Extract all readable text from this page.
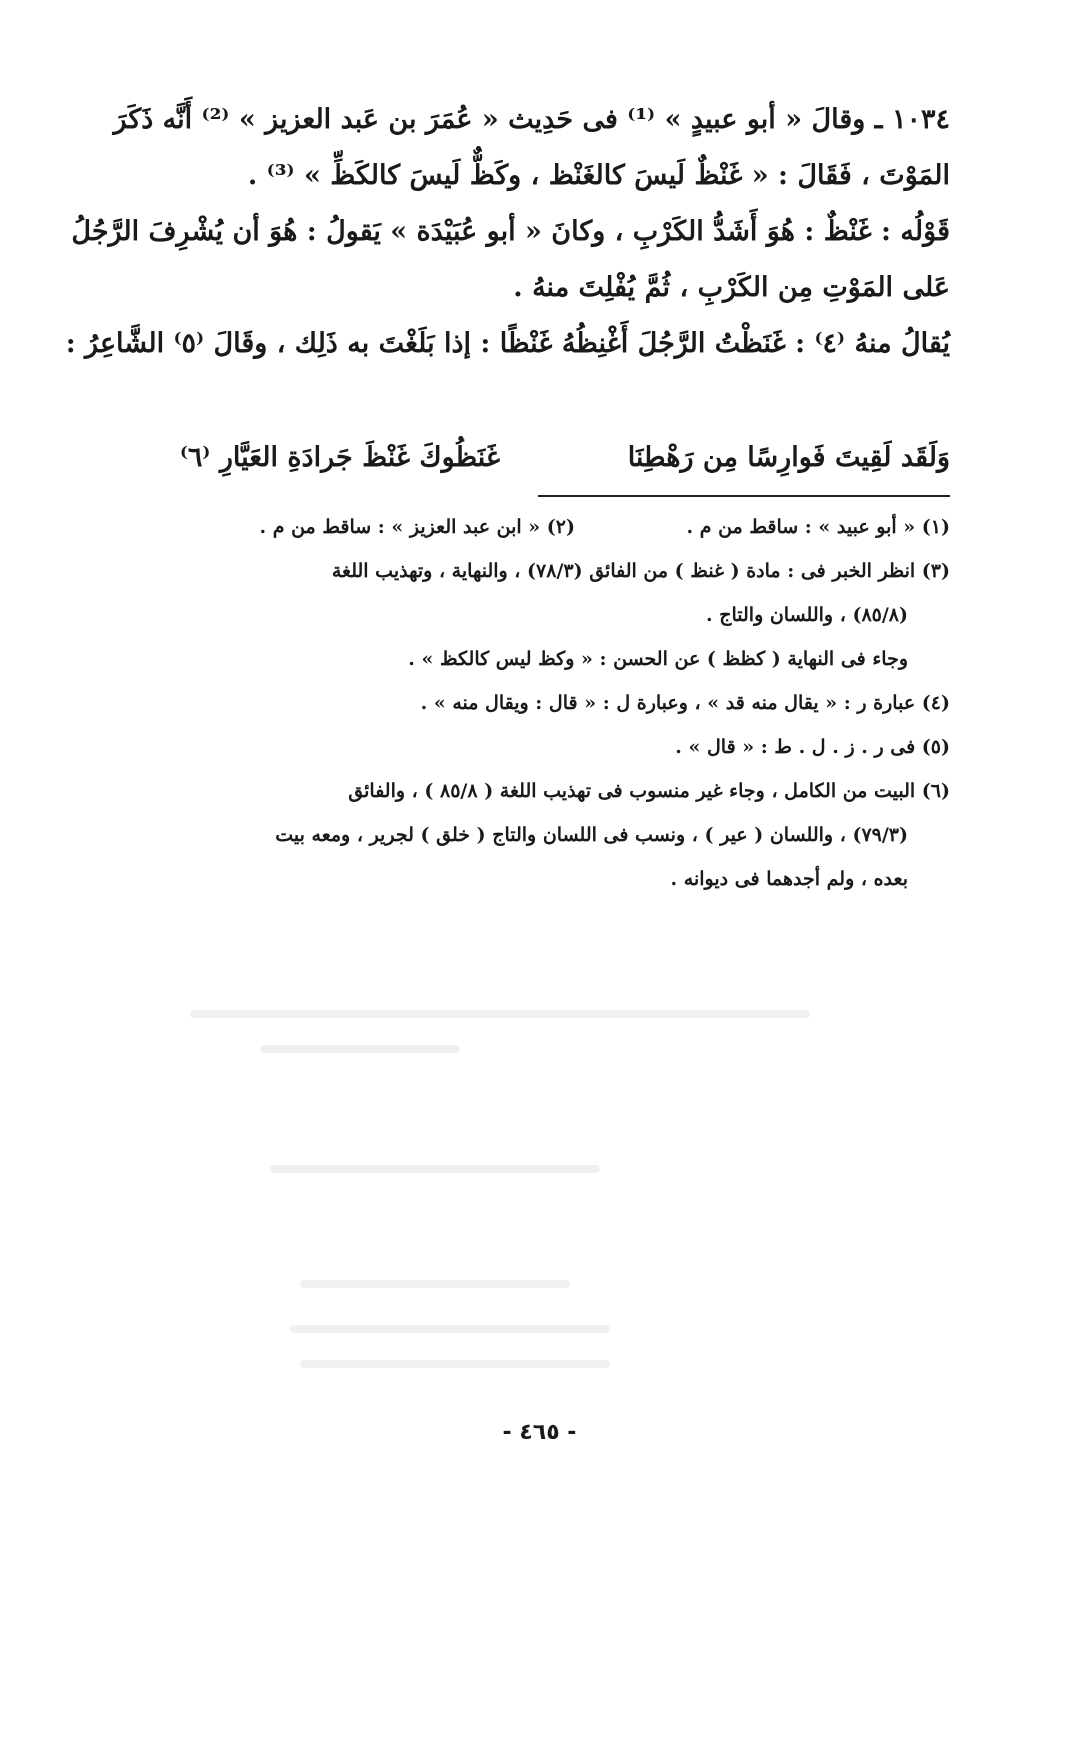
١٠٣٤ ـ وقالَ « أبو عبيدٍ » ⁽¹⁾ فى حَدِيث « عُمَرَ بن عَبد العزيز » ⁽²⁾ أَنَّه ذَكَرَ

المَوْتَ ، فَقَالَ : « غَنْظٌ لَيسَ كالغَنْظ ، وكَظٌّ لَيسَ كالكَظِّ » ⁽³⁾ .

قَوْلُه : غَنْظٌ : هُوَ أَشَدُّ الكَرْبِ ، وكانَ « أبو عُبَيْدَة » يَقولُ : هُوَ أن يُشْرِفَ الرَّجُلُ

عَلى المَوْتِ مِن الكَرْبِ ، ثُمَّ يُفْلِتَ منهُ .

يُقالُ منهُ ⁽٤⁾ : غَنَظْتُ الرَّجُلَ أَغْنِظُهُ غَنْظًا : إذا بَلَغْتَ به ذَلِك ، وقَالَ ⁽٥⁾ الشَّاعِرُ :

وَلَقَد لَقِيتَ فَوارِسًا مِن رَهْطِنَا
غَنَظُوكَ غَنْظَ جَرادَةِ العَيَّارِ ⁽٦⁾
(١) « أبو عبيد » : ساقط من م .
(٢) « ابن عبد العزيز » : ساقط من م .

(٣) انظر الخبر فى : مادة ( غنظ ) من الفائق (٧٨/٣) ، والنهاية ، وتهذيب اللغة

(٨٥/٨) ، واللسان والتاج .

وجاء فى النهاية ( كظظ ) عن الحسن : « وكظ ليس كالكظ » .

(٤) عبارة ر : « يقال منه قد » ، وعبارة ل : « قال : ويقال منه » .

(٥) فى ر . ز . ل . ط : « قال » .

(٦) البيت من الكامل ، وجاء غير منسوب فى تهذيب اللغة ( ٨٥/٨ ) ، والفائق

(٧٩/٣) ، واللسان ( عير ) ، ونسب فى اللسان والتاج ( خلق ) لجرير ، ومعه بيت

بعده ، ولم أجدهما فى ديوانه .

- ٤٦٥ -
